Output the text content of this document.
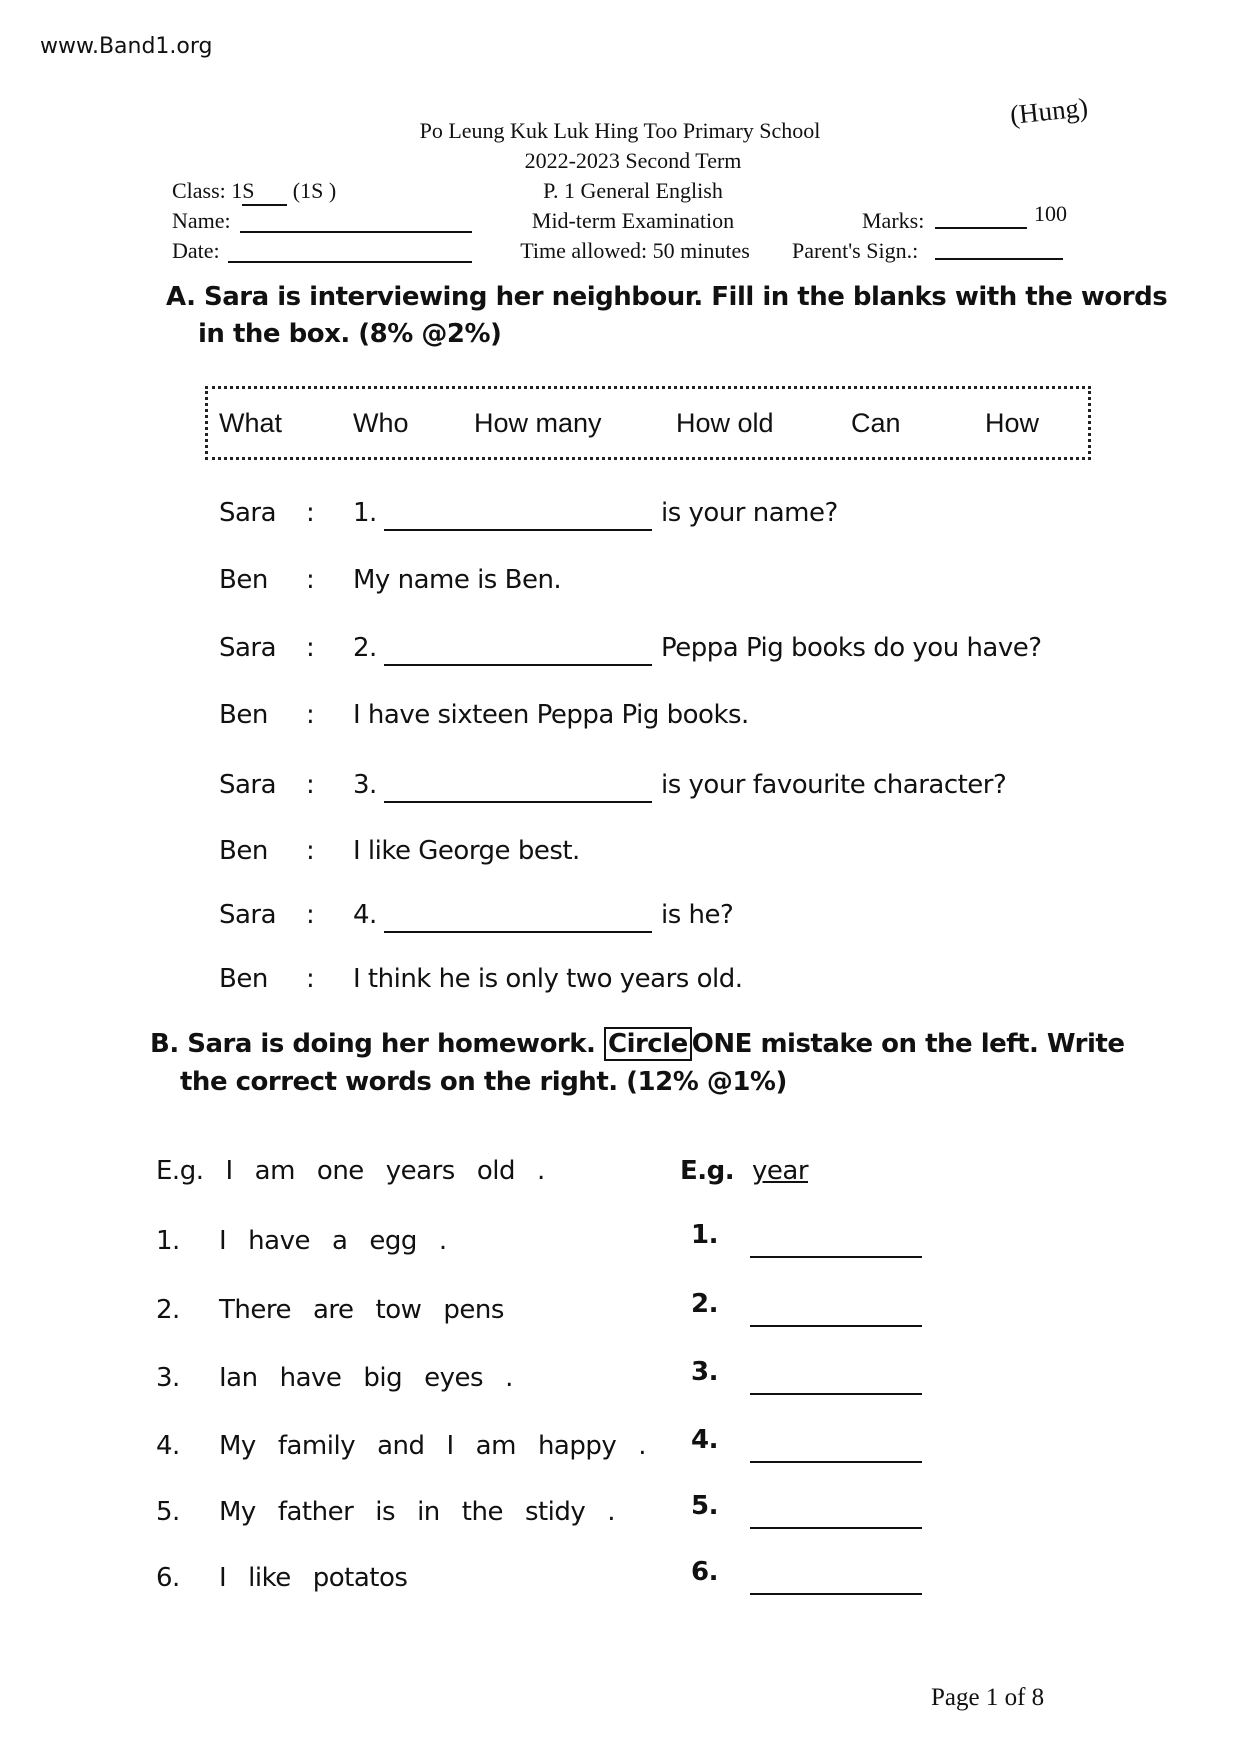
www.Band1.org
(Hung)
Po Leung Kuk Luk Hing Too Primary School
2022-2023 Second Term
P. 1 General English
Mid-term Examination
Time allowed: 50 minutes
Class: 1S (1S )
Name:
Date:
Marks:	100
Parent's Sign.:
A. Sara is interviewing her neighbour. Fill in the blanks with the words
in the box. (8% @2%)
What	Who How many	How old	Can	How
Sara : 1.	is your name?
Ben : My name is Ben.
Sara : 2.	Peppa Pig books do you have?
Ben : I have sixteen Peppa Pig books.
Sara : 3.	is your favourite character?
Ben : I like George best.
Sara : 4.	is he?
Ben : I think he is only two years old.
B. Sara is doing her homework. Circle ONE mistake on the left. Write
the correct words on the right. (12% @1%)
E.g. I am one years old .	E.g. year
1. I have a egg .	1.
2. There are tow pens	2.
3. Ian have big eyes .	3.
4. My family and I am happy .	4.
5. My father is in the stidy .	5.
6. I like potatos	6.
Page 1 of 8
